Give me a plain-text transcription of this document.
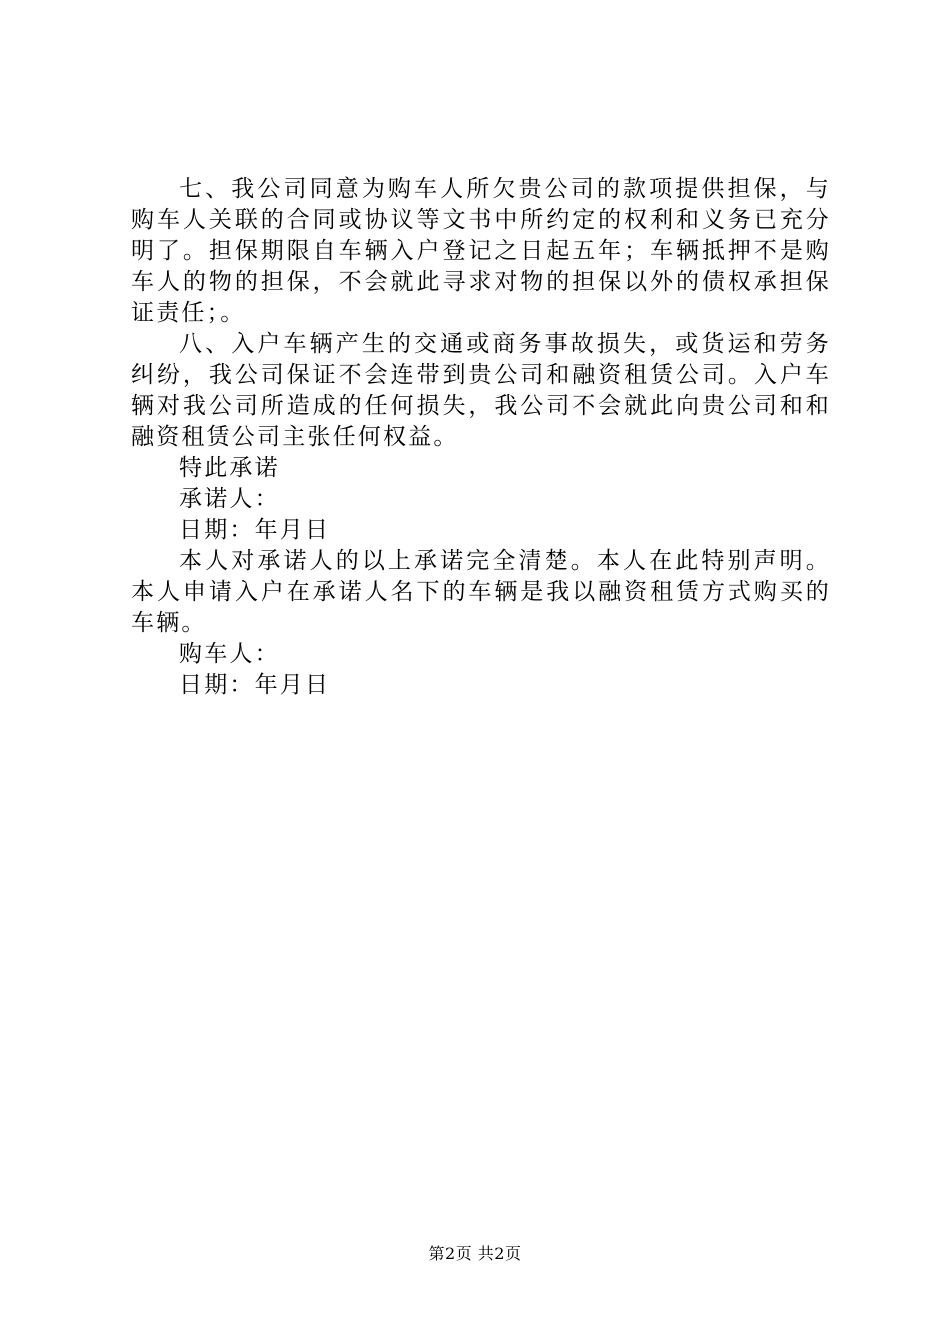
七、我公司同意为购车人所欠贵公司的款项提供担保，与购车人关联的合同或协议等文书中所约定的权利和义务已充分明了。担保期限自车辆入户登记之日起五年；车辆抵押不是购车人的物的担保，不会就此寻求对物的担保以外的债权承担保证责任；。

八、入户车辆产生的交通或商务事故损失，或货运和劳务纠纷，我公司保证不会连带到贵公司和融资租赁公司。入户车辆对我公司所造成的任何损失，我公司不会就此向贵公司和和融资租赁公司主张任何权益。

特此承诺

承诺人：

日期：年月日

本人对承诺人的以上承诺完全清楚。本人在此特别声明。本人申请入户在承诺人名下的车辆是我以融资租赁方式购买的车辆。

购车人：

日期：年月日

第2页 共2页
